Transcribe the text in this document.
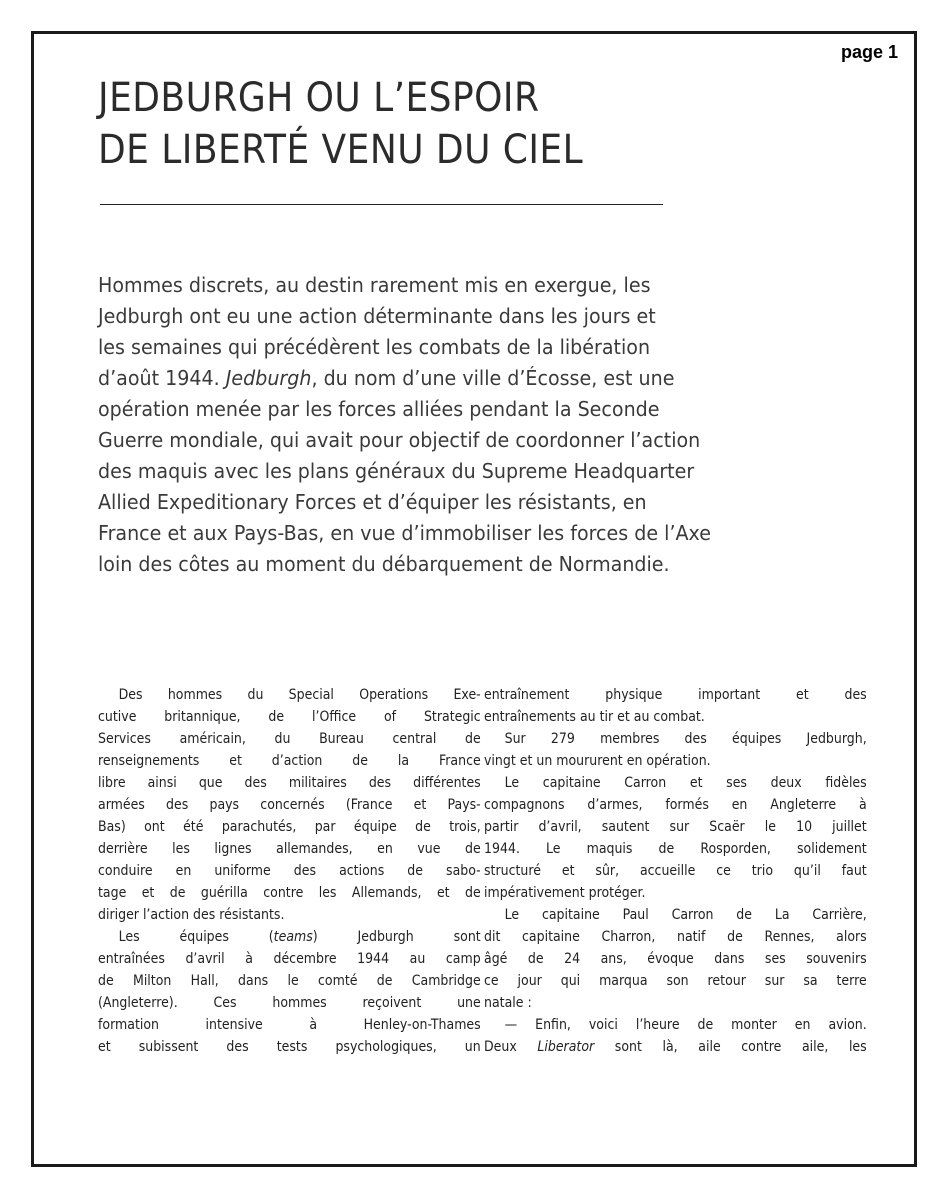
page 1
JEDBURGH OU L’ESPOIR
DE LIBERTÉ VENU DU CIEL

Hommes discrets, au destin rarement mis en exergue, les
Jedburgh ont eu une action déterminante dans les jours et
les semaines qui précédèrent les combats de la libération
d’août 1944. Jedburgh, du nom d’une ville d’Écosse, est une
opération menée par les forces alliées pendant la Seconde
Guerre mondiale, qui avait pour objectif de coordonner l’action
des maquis avec les plans généraux du Supreme Headquarter
Allied Expeditionary Forces et d’équiper les résistants, en
France et aux Pays-Bas, en vue d’immobiliser les forces de l’Axe
loin des côtes au moment du débarquement de Normandie.

Des hommes du Special Operations Exe-
cutive britannique, de l’Office of Strategic
Services américain, du Bureau central de
renseignements et d’action de la France
libre ainsi que des militaires des différentes
armées des pays concernés (France et Pays-
Bas) ont été parachutés, par équipe de trois,
derrière les lignes allemandes, en vue de
conduire en uniforme des actions de sabo-
tage et de guérilla contre les Allemands, et de
diriger l’action des résistants.
Les équipes (teams) Jedburgh sont
entraînées d’avril à décembre 1944 au camp
de Milton Hall, dans le comté de Cambridge
(Angleterre). Ces hommes reçoivent une
formation intensive à Henley-on-Thames
et subissent des tests psychologiques, un
entraînement physique important et des
entraînements au tir et au combat.
Sur 279 membres des équipes Jedburgh,
vingt et un moururent en opération.
Le capitaine Carron et ses deux fidèles
compagnons d’armes, formés en Angleterre à
partir d’avril, sautent sur Scaër le 10 juillet
1944. Le maquis de Rosporden, solidement
structuré et sûr, accueille ce trio qu’il faut
impérativement protéger.
Le capitaine Paul Carron de La Carrière,
dit capitaine Charron, natif de Rennes, alors
âgé de 24 ans, évoque dans ses souvenirs
ce jour qui marqua son retour sur sa terre
natale :
— Enfin, voici l’heure de monter en avion.
Deux Liberator sont là, aile contre aile, les
